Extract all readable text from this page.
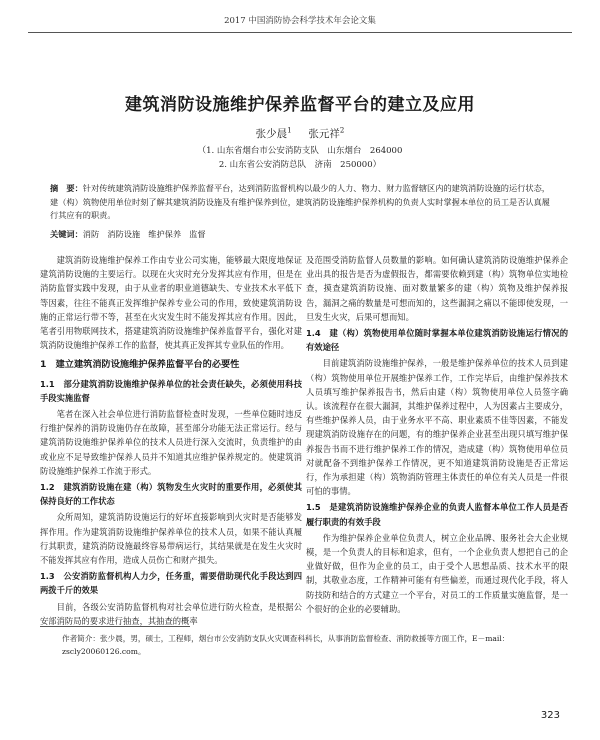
2017 中国消防协会科学技术年会论文集
建筑消防设施维护保养监督平台的建立及应用
张少晨$^1$ 张元祥$^2$
（1. 山东省烟台市公安消防支队　山东烟台　264000
2. 山东省公安消防总队　济南　250000）
摘　要：针对传统建筑消防设施维护保养监督平台，达到消防监督机构以最少的人力、物力、财力监督辖区内的建筑消防设施的运行状态，建（构）筑物使用单位时刻了解其建筑消防设施及有维护保养到位，建筑消防设施维护保养机构的负责人实时掌握本单位的员工是否认真履行其应有的职责。
关键词：消防　消防设施　维护保养　监督

建筑消防设施维护保养工作由专业公司实施，能够最大限度地保证建筑消防设施的主要运行。以现在火灾时充分发挥其应有作用，但是在消防监督实践中发现，由于从业者的职业道德缺失、专业技术水平低下等因素，往往不能真正发挥维护保养专业公司的作用，致使建筑消防设施的正常运行带不等，甚至在火灾发生时不能发挥其应有作用。因此，笔者引用物联网技术，搭建建筑消防设施维护保养监督平台，强化对建筑消防设施维护保养工作的监督，使其真正发挥其专业队伍的作用。

1　建立建筑消防设施维护保养监督平台的必要性
1.1　部分建筑消防设施维护保养单位的社会责任缺失，必须使用科技手段实施监督

笔者在深入社会单位进行消防监督检查时发现，一些单位随时违反行维护保养的消防设施仍存在故障，甚至部分功能无法正常运行。经与建筑消防设施维护保养单位的技术人员进行深入交流时，负责维护的由或业应不足导致维护保养人员并不知道其应维护保养规定的。使建筑消防设施维护保养工作流于形式。

1.2　建筑消防设施在建（构）筑物发生火灾时的重要作用，必须使其保持良好的工作状态

众所周知，建筑消防设施运行的好坏直接影响到火灾时是否能够发挥作用。作为建筑消防设施维护保养单位的技术人员，如果不能认真履行其职责，建筑消防设施最终容易带病运行，其结果就是在发生火灾时不能发挥其应有作用，造成人员伤亡和财产损失。

1.3　公安消防监督机构人力少，任务重，需要借助现代化手段达到四两拨千斤的效果

目前，各级公安消防监督机构对社会单位进行防火检查，是根据公安部消防局的要求进行抽查，其抽查的概率

及范围受消防监督人员数量的影响。如何确认建筑消防设施维护保养企业出具的报告是否为虚假报告，都需要依赖到建（构）筑物单位实地检查，摸查建筑消防设施、面对数量繁多的建（构）筑物及维护保养报告，漏洞之痛的数量是可想而知的，这些漏洞之痛以不能即使发现，一旦发生火灾，后果可想而知。

1.4　建（构）筑物使用单位随时掌握本单位建筑消防设施运行情况的有效途径

目前建筑消防设施维护保养，一般是维护保养单位的技术人员到建（构）筑物使用单位开展维护保养工作，工作完毕后，由维护保养技术人员填写维护保养报告书，然后由建（构）筑物使用单位人员签字确认。该流程存在很大漏洞，其维护保养过程中，人为因素占主要成分，有些维护保养人员，由于业务水平不高、职业素质不佳等因素，不能发现建筑消防设施存在的问题，有的维护保养企业甚至出现只填写维护保养报告书而不进行维护保养工作的情况，造成建（构）筑物使用单位员对就配备不到维护保养工作情况，更不知道建筑消防设施是否正常运行，作为承担建（构）筑物消防管理主体责任的单位有关人员是一件很可怕的事情。

1.5　是建筑消防设施维护保养企业的负责人监督本单位工作人员是否履行职责的有效手段

作为维护保养企业单位负责人，树立企业品牌、服务社会大企业规模，是一个负责人的目标和追求，但有，一个企业负责人想把自己的企业做好做，但作为企业的员工，由于受个人思想品质、技术水平的限制，其敬业态度，工作精神可能有有些偏差，而通过现代化手段，将人防技防和结合的方式建立一个平台，对员工的工作质量实施监督，是一个很好的企业的必要辅助。

作者简介：张少晨，男，硕士，工程师，烟台市公安消防支队火灾调查科科长，从事消防监督检查、消防救援等方面工作，E－mail：zscly20060126.com。
323
